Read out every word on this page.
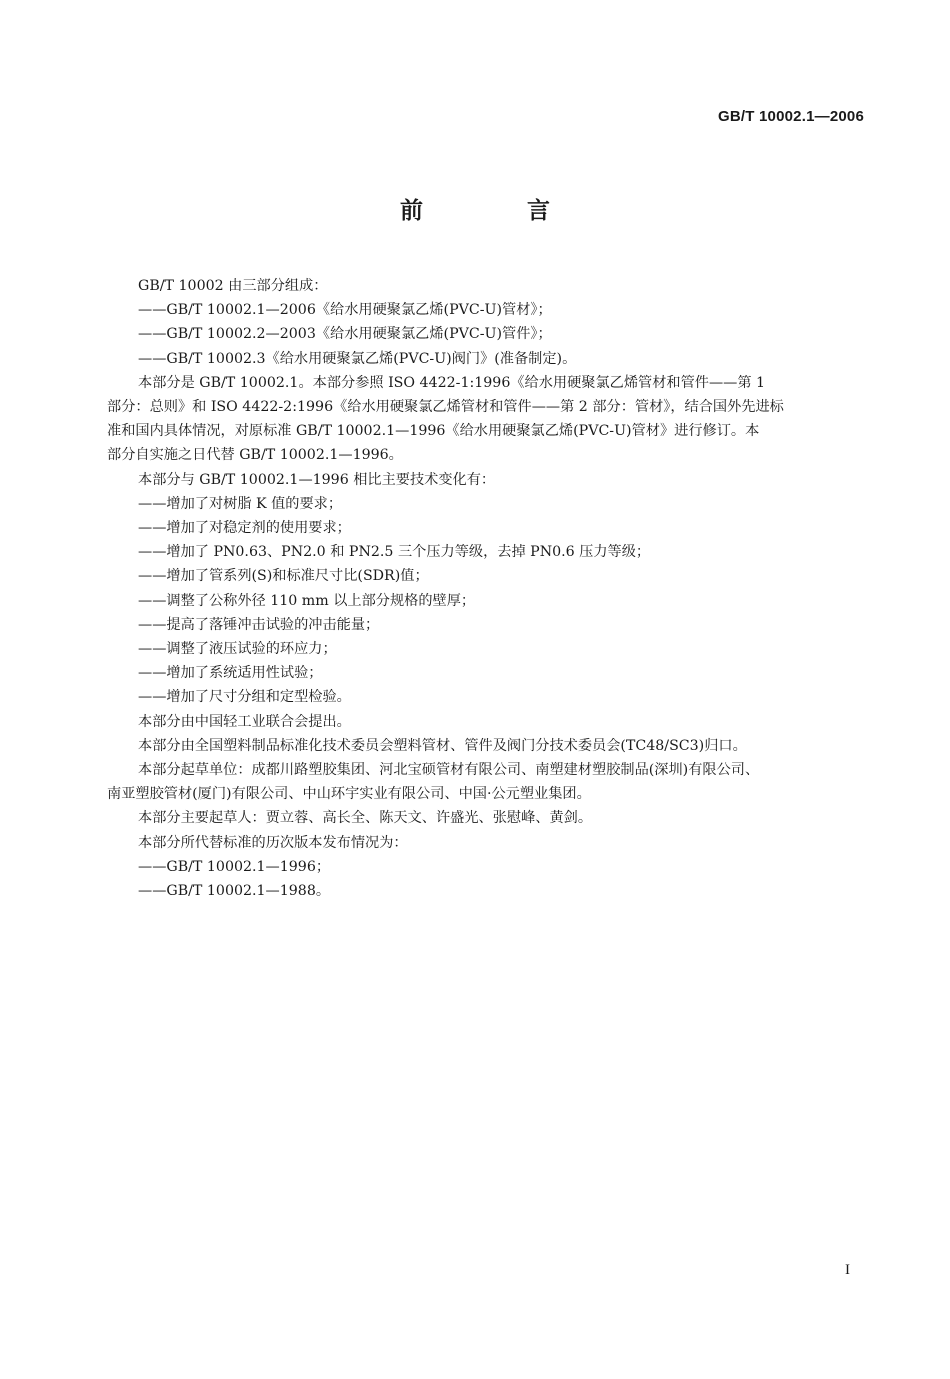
GB/T 10002.1—2006
前 言

GB/T 10002 由三部分组成：

——GB/T 10002.1—2006《给水用硬聚氯乙烯(PVC-U)管材》；

——GB/T 10002.2—2003《给水用硬聚氯乙烯(PVC-U)管件》；

——GB/T 10002.3《给水用硬聚氯乙烯(PVC-U)阀门》(准备制定)。

本部分是 GB/T 10002.1。本部分参照 ISO 4422-1:1996《给水用硬聚氯乙烯管材和管件——第 1
部分：总则》和 ISO 4422-2:1996《给水用硬聚氯乙烯管材和管件——第 2 部分：管材》，结合国外先进标
准和国内具体情况，对原标准 GB/T 10002.1—1996《给水用硬聚氯乙烯(PVC-U)管材》进行修订。本
部分自实施之日代替 GB/T 10002.1—1996。

本部分与 GB/T 10002.1—1996 相比主要技术变化有：

——增加了对树脂 K 值的要求；

——增加了对稳定剂的使用要求；

——增加了 PN0.63、PN2.0 和 PN2.5 三个压力等级，去掉 PN0.6 压力等级；

——增加了管系列(S)和标准尺寸比(SDR)值；

——调整了公称外径 110 mm 以上部分规格的壁厚；

——提高了落锤冲击试验的冲击能量；

——调整了液压试验的环应力；

——增加了系统适用性试验；

——增加了尺寸分组和定型检验。

本部分由中国轻工业联合会提出。

本部分由全国塑料制品标准化技术委员会塑料管材、管件及阀门分技术委员会(TC48/SC3)归口。

本部分起草单位：成都川路塑胶集团、河北宝硕管材有限公司、南塑建材塑胶制品(深圳)有限公司、
南亚塑胶管材(厦门)有限公司、中山环宇实业有限公司、中国·公元塑业集团。

本部分主要起草人：贾立蓉、高长全、陈天文、许盛光、张慰峰、黄剑。

本部分所代替标准的历次版本发布情况为：

——GB/T 10002.1—1996；

——GB/T 10002.1—1988。

I
